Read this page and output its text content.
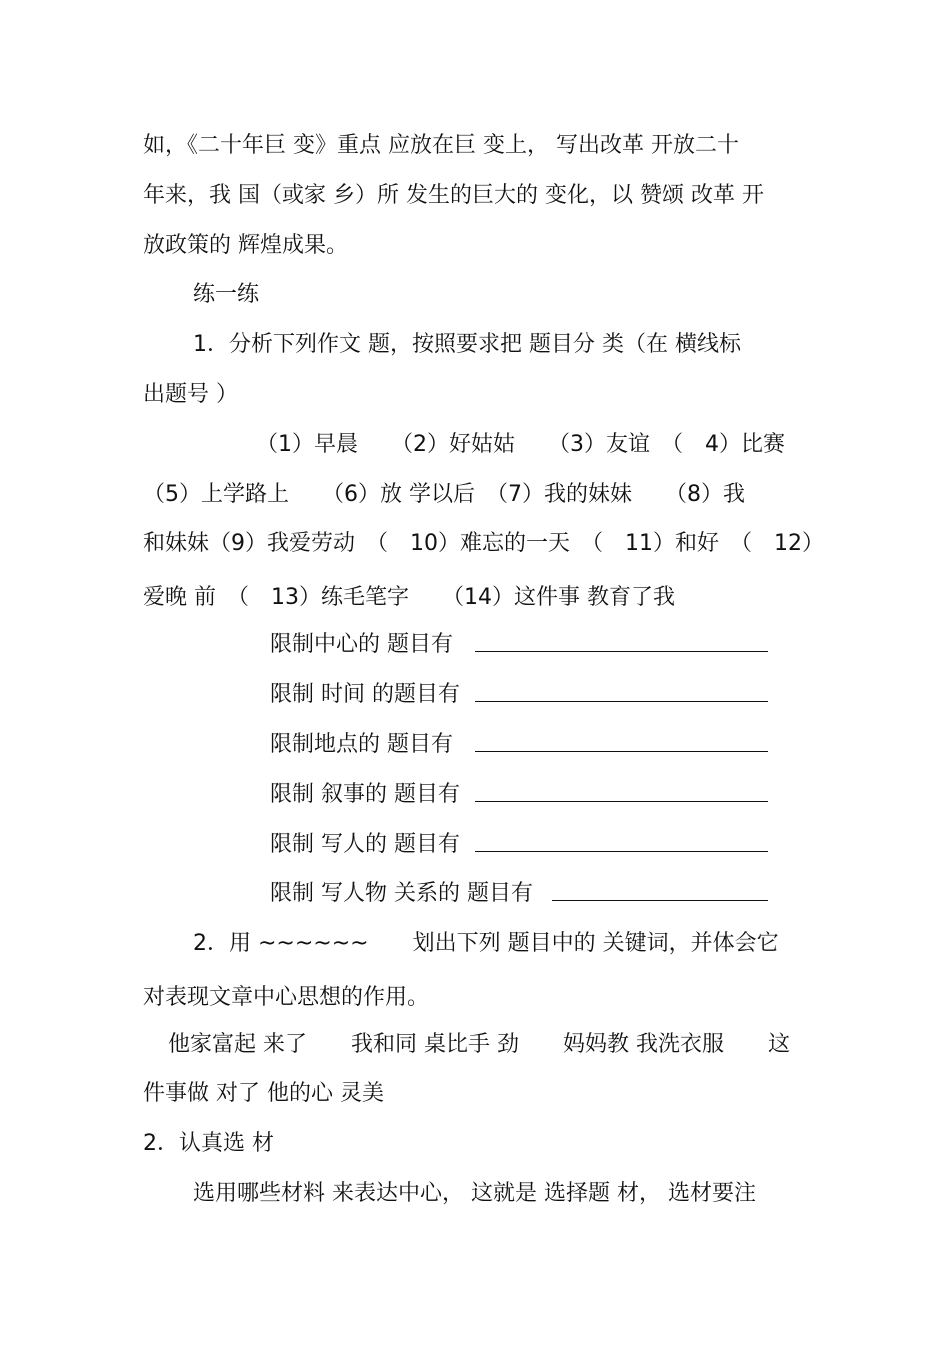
如，《二十年巨 变》重点 应放在巨 变上， 写出改革 开放二十
年来，我 国（或家 乡）所 发生的巨大的 变化，以 赞颂 改革 开
放政策的 辉煌成果。
练一练
1．分析下列作文 题，按照要求把 题目分 类（在 横线标
出题号 ）
（1）早晨　　（2）好姑姑　　（3）友谊　（　4）比赛
（5）上学路上　　（6）放 学以后　（7）我的妹妹　　（8）我
和妹妹（9）我爱劳动　（　10）难忘的一天　（　11）和好　（　12）
爱晚 前　（　13）练毛笔字　　（14）这件事 教育了我
限制中心的 题目有
限制 时间 的题目有
限制地点的 题目有
限制 叙事的 题目有
限制 写人的 题目有
限制 写人物 关系的 题目有
2．用 ~~~~~~　　划出下列 题目中的 关键词，并体会它
对表现文章中心思想的作用。
他家富起 来了　　我和同 桌比手 劲　　妈妈教 我洗衣服　　这
件事做 对了 他的心 灵美
2．认真选 材
选用哪些材料 来表达中心， 这就是 选择题 材， 选材要注
